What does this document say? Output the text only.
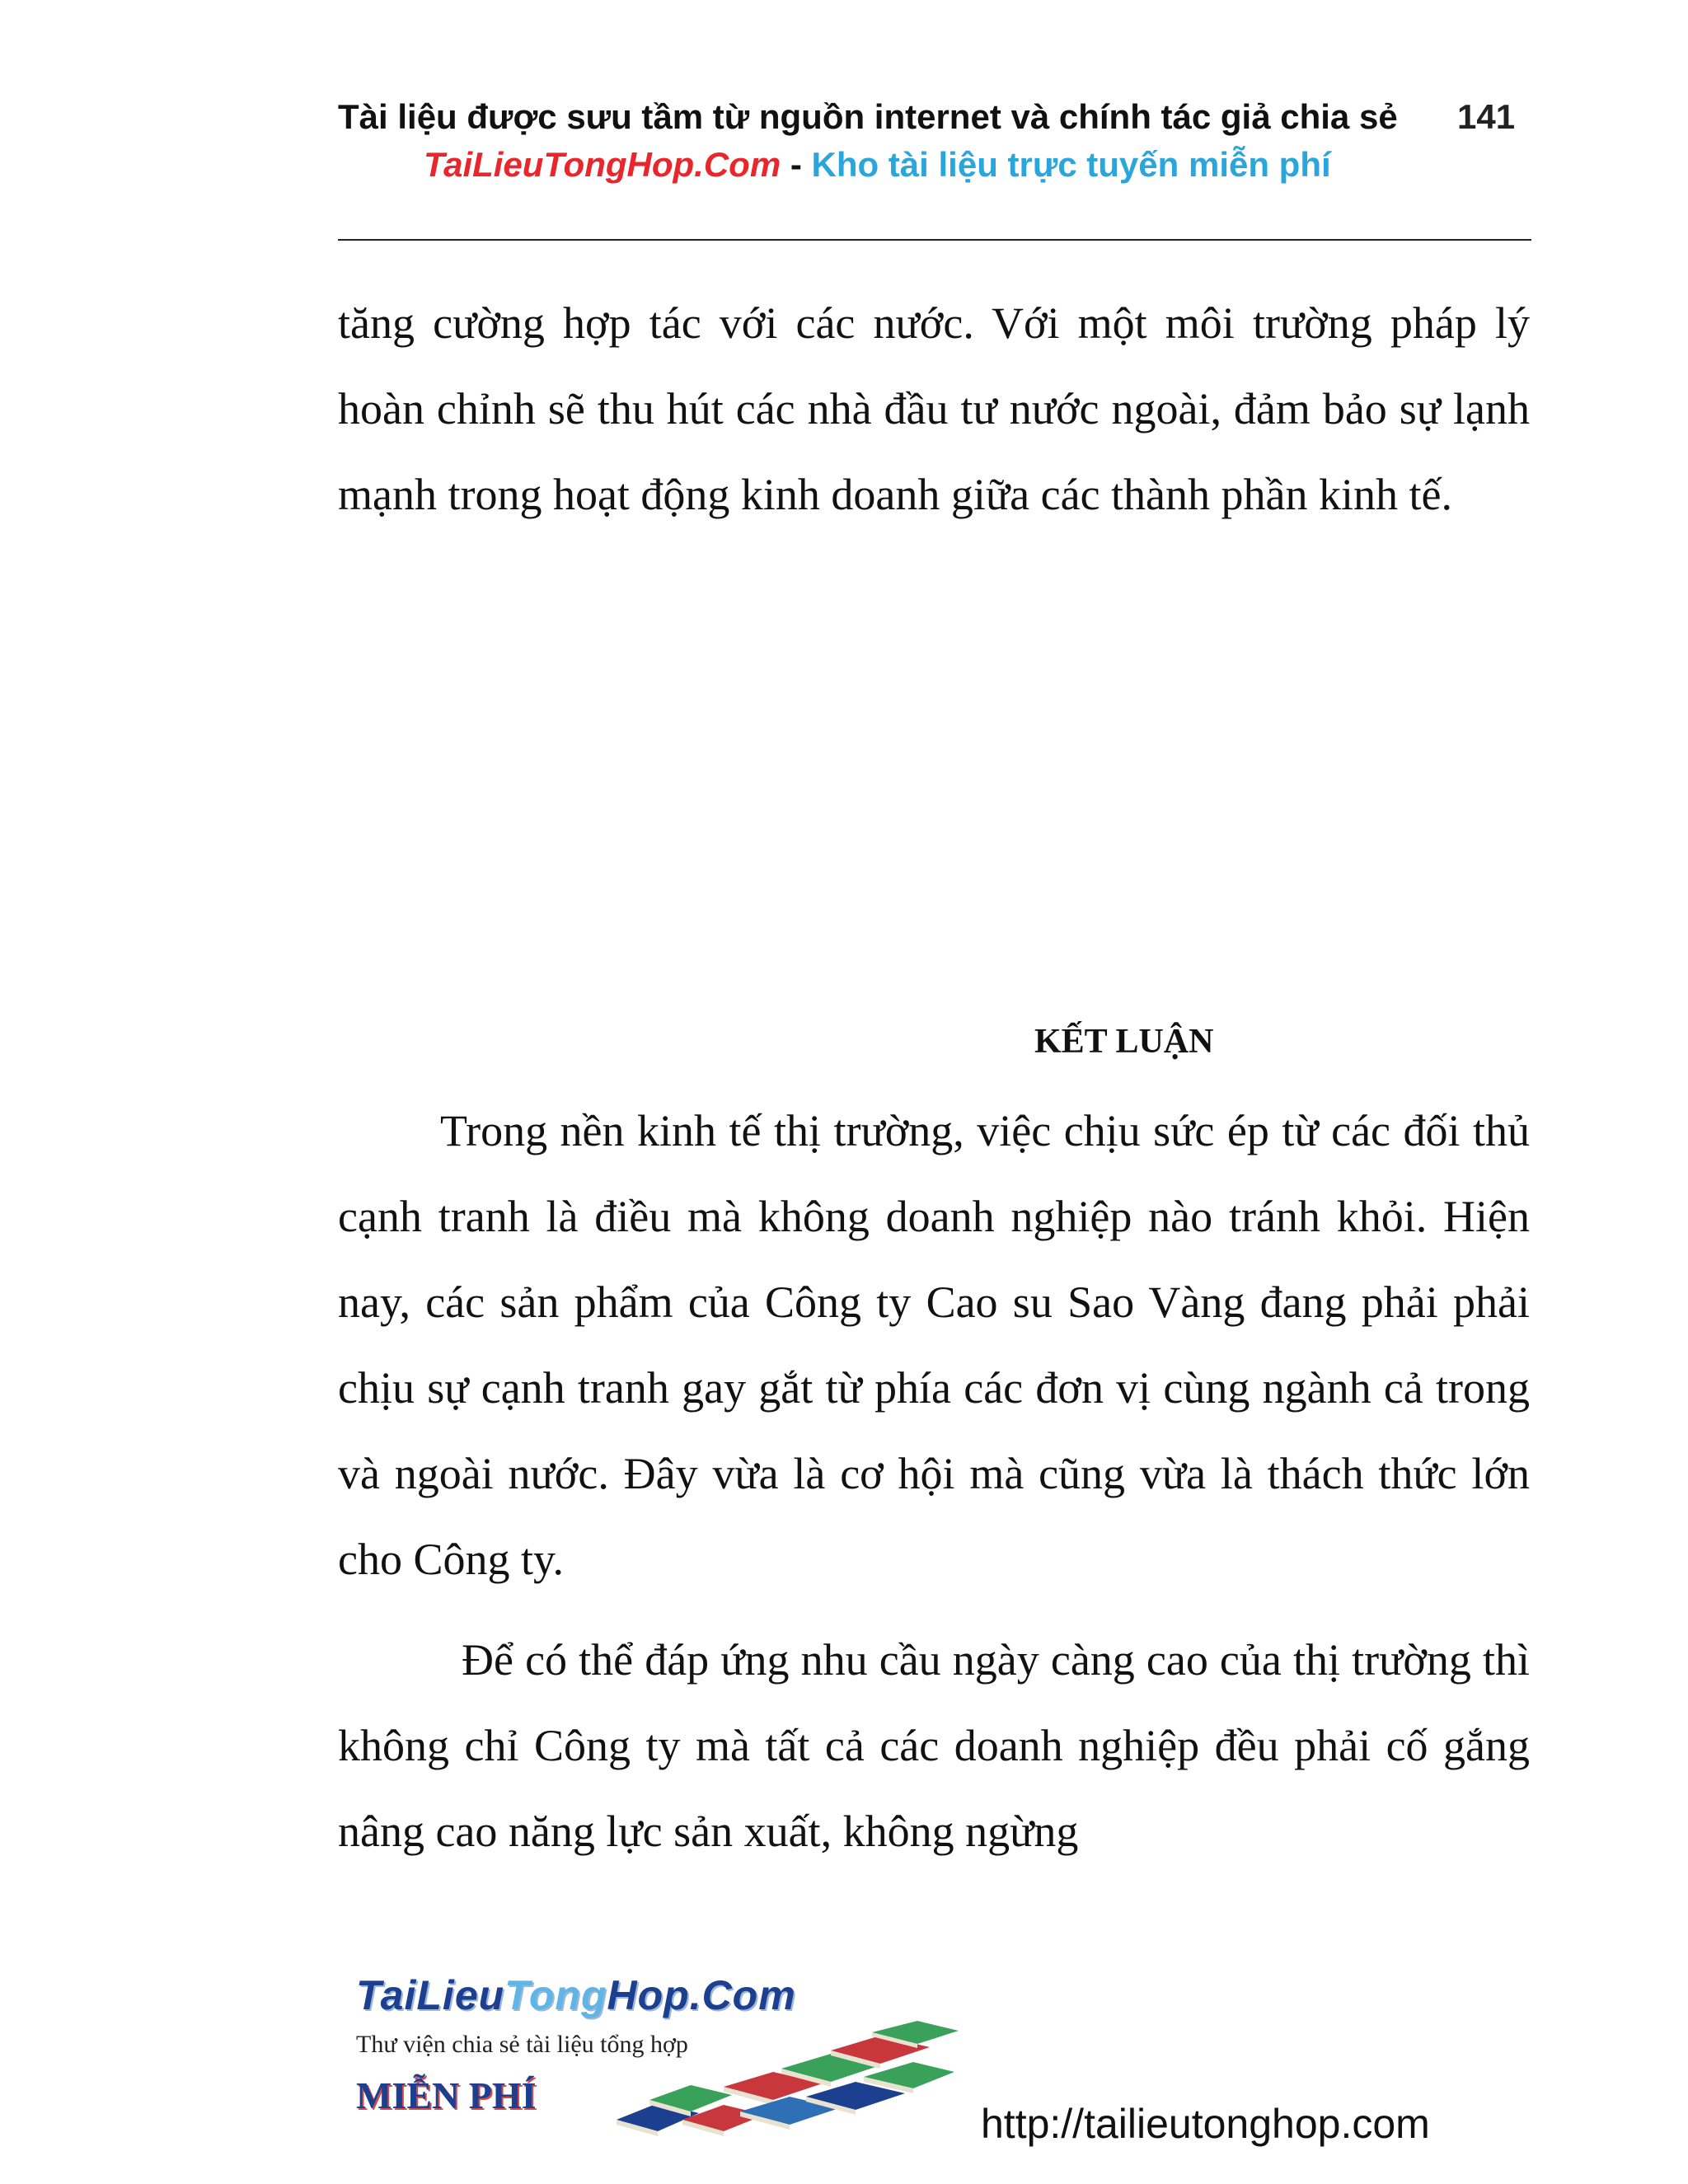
Tài liệu được sưu tầm từ nguồn internet và chính tác giả chia sẻ 141
TaiLieuTongHop.Com - Kho tài liệu trực tuyến miễn phí

tăng cường hợp tác với các nước. Với một môi trường pháp lý hoàn chỉnh sẽ thu hút các nhà đầu tư nước ngoài, đảm bảo sự lạnh mạnh trong hoạt động kinh doanh giữa các thành phần kinh tế.

KẾT LUẬN

Trong nền kinh tế thị trường, việc chịu sức ép từ các đối thủ cạnh tranh là điều mà không doanh nghiệp nào tránh khỏi. Hiện nay, các sản phẩm của Công ty Cao su Sao Vàng đang phải phải chịu sự cạnh tranh gay gắt từ phía các đơn vị cùng ngành cả trong và ngoài nước. Đây vừa là cơ hội mà cũng vừa là thách thức lớn cho Công ty.

Để có thể đáp ứng nhu cầu ngày càng cao của thị trường thì không chỉ Công ty mà tất cả các doanh nghiệp đều phải cố gắng nâng cao năng lực sản xuất, không ngừng

TaiLieuTongHop.Com
Thư viện chia sẻ tài liệu tổng hợp
MIỄN PHÍ
http://tailieutonghop.com
